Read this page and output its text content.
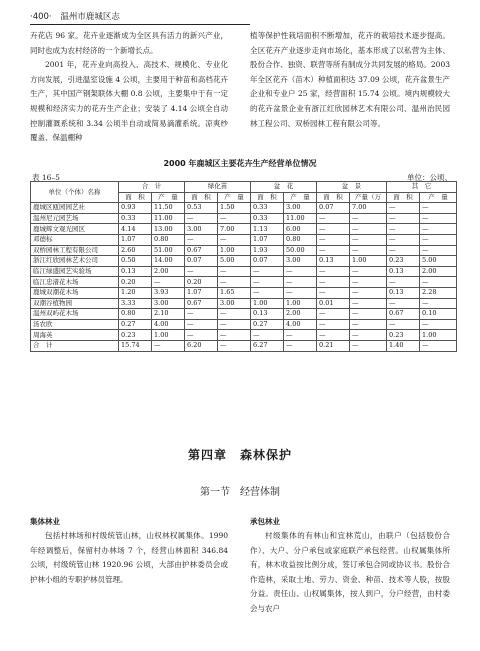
·400· 温州市鹿城区志

卉花店 96 家。花卉业逐渐成为全区具有活力的新兴产业，同时也成为农村经济的一个新增长点。

2001 年，花卉业向高投入、高技术、规模化、专业化方向发展，引进温室设施 4 公顷，主要用于种苗和高档花卉生产，其中国产钢架联体大棚 0.8 公顷，主要集中于有一定规模和经济实力的花卉生产企业；安装了 4.14 公顷全自动控制灌溉系统和 3.34 公顷半自动或简易滴灌系统。凉爽纱覆盖、保温棚种

植等保护性栽培面积不断增加，花卉的栽培技术逐步提高。全区花卉产业逐步走向市场化，基本形成了以私营为主体、股份合作、独资、联营等所有制成分共同发展的格局。2003 年全区花卉（苗木）种植面积达 37.09 公顷，花卉盆景生产企业和专业户 25 家，经营面积 15.74 公顷。境内规模较大的花卉盆景企业有浙江红欣园林艺术有限公司、温州治民园林工程公司、双桥园林工程有限公司等。

2000 年鹿城区主要花卉生产经营单位情况
表 16–5	单位：公顷、
单位（个体）名称	合　计		绿化苗		盆　花		盆　景		其　它	
	面　积	产　量	面　积	产　量	面　积	产　量	面　积	产量（万	面　积	产　量
鹿城区瓯园园艺社	0.93	11.50	0.53	1.50	0.33	3.00	0.07	7.00	—	—
温州尼元园艺场	0.33	11.00	—	—	0.33	11.00	—	—	—	—
鹿城辉文观光园区	4.14	13.00	3.00	7.00	1.13	6.00	—	—	—	—
邓德标	1.07	0.80	—	—	1.07	0.80	—	—	—	—
双桥园林工程有限公司	2.60	51.00	0.67	1.00	1.93	50.00	—	—	—	—
浙江红欣园林艺术公司	0.50	14.00	0.07	5.00	0.07	3.00	0.13	1.00	0.23	5.00
临江绿盛园艺实验场	0.13	2.00	—	—	—	—	—	—	0.13	2.00
临江忠渚花木场	0.20	—	0.20	—	—	—	—	—	—	—
鹿城双潮花木场	1.20	3.93	1.07	1.65	—	—	—	—	0.13	2.28
双潮谷植物园	3.33	3.00	0.67	3.00	1.00	1.00	0.01	—	—	—
温州双屿花木场	0.80	2.10	—	—	0.13	2.00	—	—	0.67	0.10
汤农欧	0.27	4.00	—	—	0.27	4.00	—	—	—	—
周海英	0.23	1.00	—	—	—	—	—	—	0.23	1.00
合　计	15.74	—	6.20	—	6.27	—	0.21	—	1.40	—
第四章　森林保护
第一节　经营体制
集体林业

包括村林场和村级统管山林，山权林权属集体。1990 年经调整后，保留村办林场 7 个，经营山林面积 346.84 公顷，村级统管山林 1920.96 公顷，大部由护林委员会或护林小组的专职护林员管理。

承包林业

村级集体的有林山和宜林荒山，由联户（包括股份合作）、大户、分户承包或家庭联产承包经营。山权属集体所有，林木收益按比例分成，签订承包合同或协议书。股份合作造林，采取土地、劳力、资金、种苗、技术等人股，按股分益。责任山、山权属集体，按人到户，分户经营，由村委会与农户
